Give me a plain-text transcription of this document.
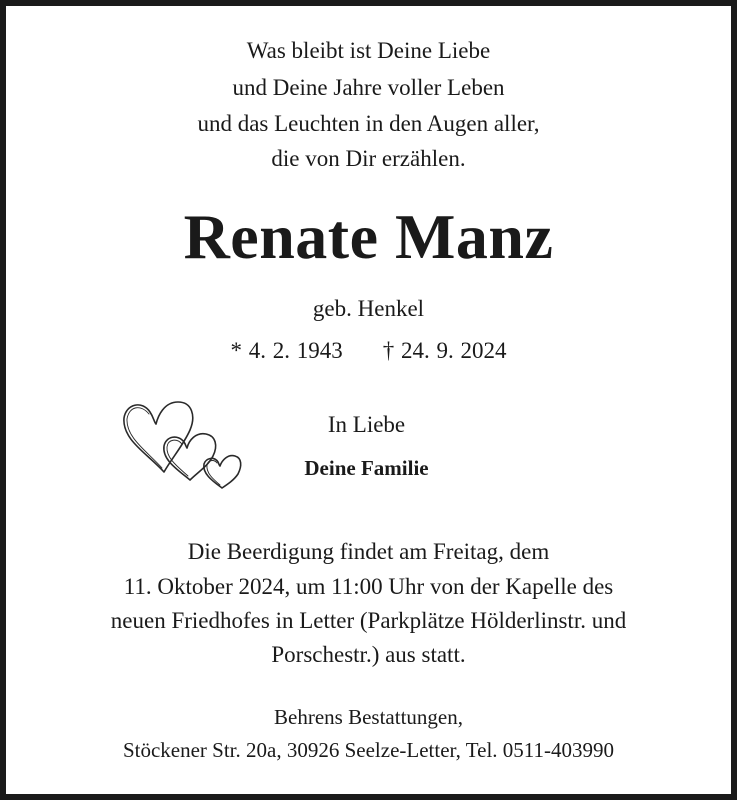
Was bleibt ist Deine Liebe
und Deine Jahre voller Leben
und das Leuchten in den Augen aller,
die von Dir erzählen.
Renate Manz
geb. Henkel
* 4. 2. 1943 † 24. 9. 2024
In Liebe
Deine Familie
Die Beerdigung findet am Freitag, dem
11. Oktober 2024, um 11:00 Uhr von der Kapelle des
neuen Friedhofes in Letter (Parkplätze Hölderlinstr. und
Porschestr.) aus statt.
Behrens Bestattungen,
Stöckener Str. 20a, 30926 Seelze-Letter, Tel. 0511-403990
